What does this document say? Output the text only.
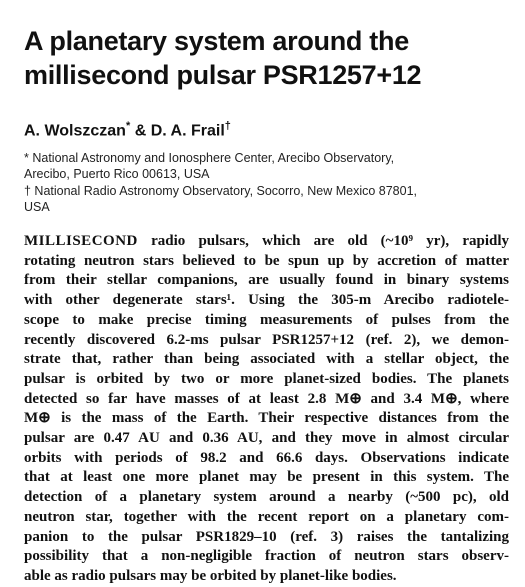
A planetary system around the
millisecond pulsar PSR1257+12

A. Wolszczan* & D. A. Frail†

* National Astronomy and Ionosphere Center, Arecibo Observatory,
Arecibo, Puerto Rico 00613, USA
† National Radio Astronomy Observatory, Socorro, New Mexico 87801,
USA
MILLISECOND radio pulsars, which are old (~10⁹ yr), rapidly
rotating neutron stars believed to be spun up by accretion of matter
from their stellar companions, are usually found in binary systems
with other degenerate stars¹. Using the 305-m Arecibo radiotele-
scope to make precise timing measurements of pulses from the
recently discovered 6.2-ms pulsar PSR1257+12 (ref. 2), we demon-
strate that, rather than being associated with a stellar object, the
pulsar is orbited by two or more planet-sized bodies. The planets
detected so far have masses of at least 2.8 M⊕ and 3.4 M⊕, where
M⊕ is the mass of the Earth. Their respective distances from the
pulsar are 0.47 AU and 0.36 AU, and they move in almost circular
orbits with periods of 98.2 and 66.6 days. Observations indicate
that at least one more planet may be present in this system. The
detection of a planetary system around a nearby (~500 pc), old
neutron star, together with the recent report on a planetary com-
panion to the pulsar PSR1829–10 (ref. 3) raises the tantalizing
possibility that a non-negligible fraction of neutron stars observ-
able as radio pulsars may be orbited by planet-like bodies.
